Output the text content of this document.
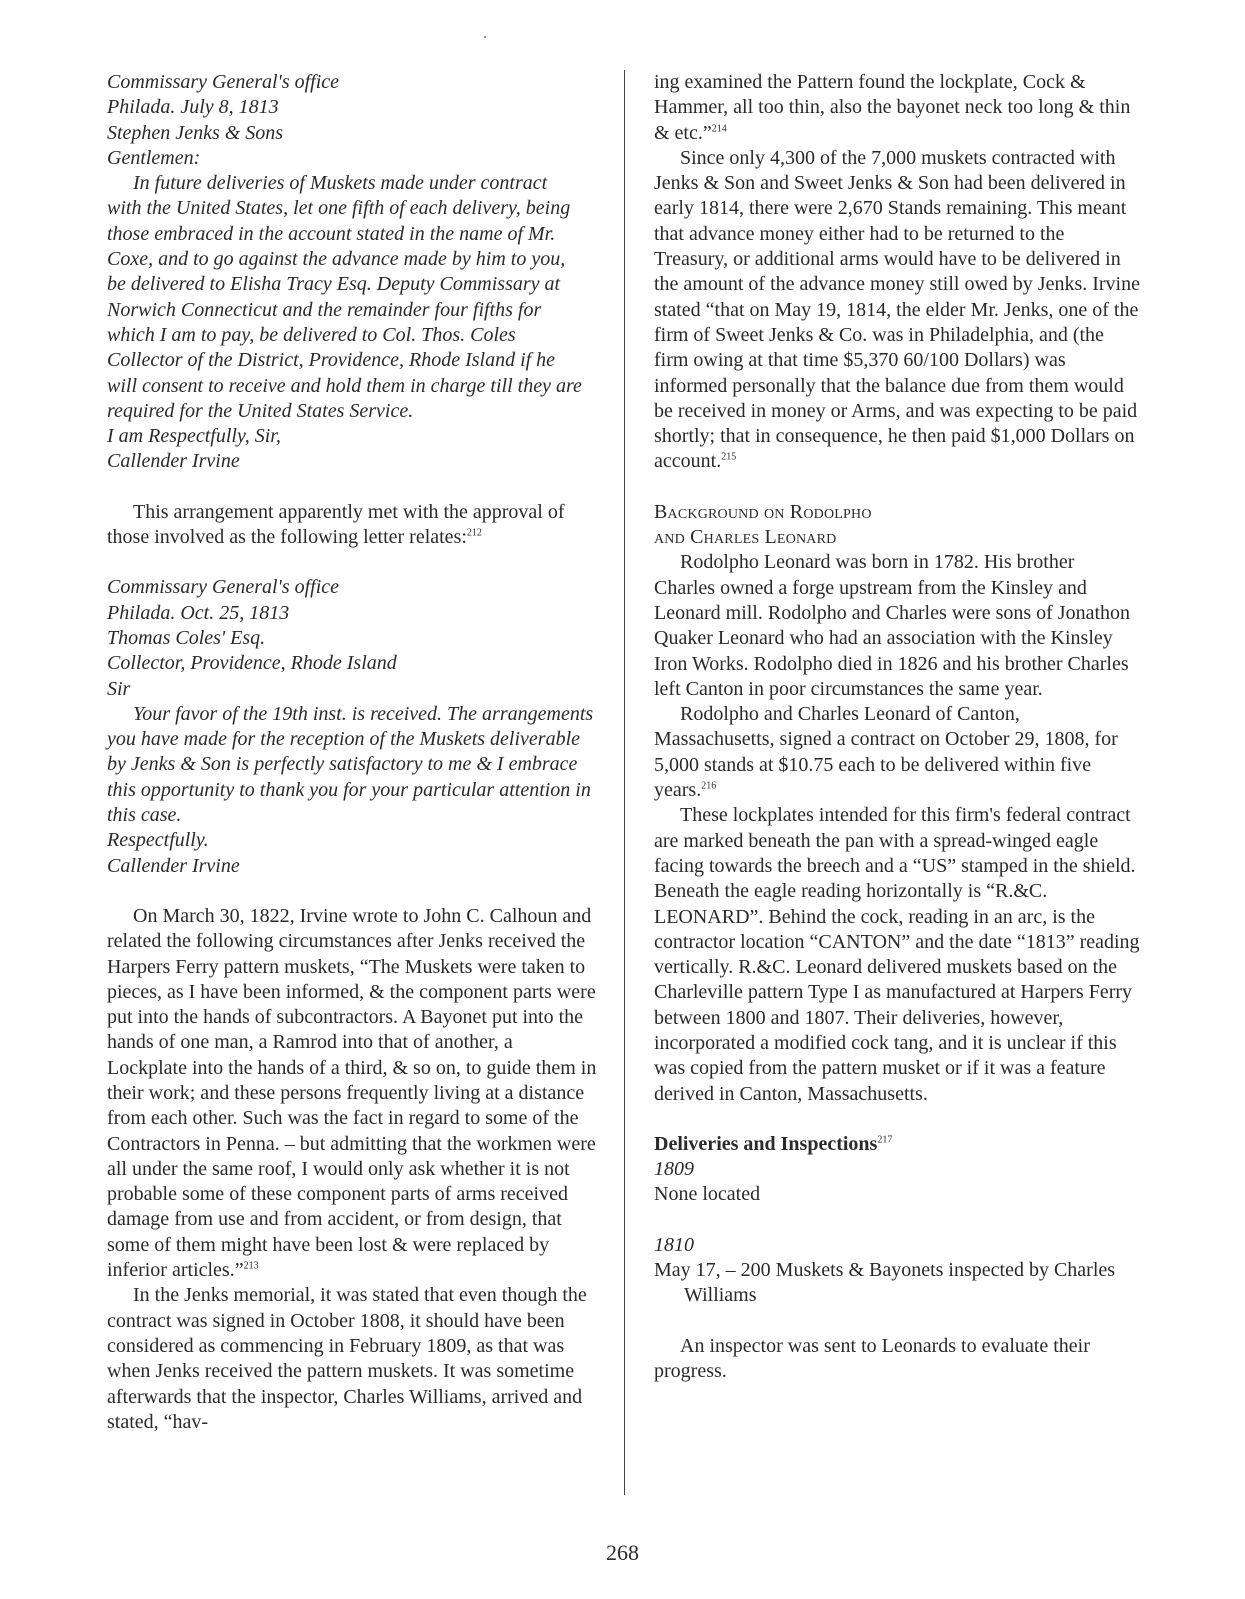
Commissary General's office

Philada. July 8, 1813

Stephen Jenks & Sons

Gentlemen:

In future deliveries of Muskets made under contract

with the United States, let one fifth of each delivery, being

those embraced in the account stated in the name of Mr.

Coxe, and to go against the advance made by him to you,

be delivered to Elisha Tracy Esq. Deputy Commissary at

Norwich Connecticut and the remainder four fifths for

which I am to pay, be delivered to Col. Thos. Coles

Collector of the District, Providence, Rhode Island if he

will consent to receive and hold them in charge till they are

required for the United States Service.

I am Respectfully, Sir,

Callender Irvine

This arrangement apparently met with the approval of those involved as the following letter relates:$^{212}$

Commissary General's office

Philada. Oct. 25, 1813

Thomas Coles' Esq.

Collector, Providence, Rhode Island

Sir

Your favor of the 19th inst. is received. The arrangements you have made for the reception of the Muskets deliverable by Jenks & Son is perfectly satisfactory to me & I embrace this opportunity to thank you for your particular attention in this case.

Respectfully.

Callender Irvine

On March 30, 1822, Irvine wrote to John C. Calhoun and related the following circumstances after Jenks received the Harpers Ferry pattern muskets, “The Muskets were taken to pieces, as I have been informed, & the component parts were put into the hands of subcontractors. A Bayonet put into the hands of one man, a Ramrod into that of another, a Lockplate into the hands of a third, & so on, to guide them in their work; and these persons frequently living at a distance from each other. Such was the fact in regard to some of the Contractors in Penna. – but admitting that the workmen were all under the same roof, I would only ask whether it is not probable some of these component parts of arms received damage from use and from accident, or from design, that some of them might have been lost & were replaced by inferior articles.”$^{213}$

In the Jenks memorial, it was stated that even though the contract was signed in October 1808, it should have been considered as commencing in February 1809, as that was when Jenks received the pattern muskets. It was sometime afterwards that the inspector, Charles Williams, arrived and stated, “hav-

ing examined the Pattern found the lockplate, Cock & Hammer, all too thin, also the bayonet neck too long & thin & etc.”$^{214}$

Since only 4,300 of the 7,000 muskets contracted with Jenks & Son and Sweet Jenks & Son had been delivered in early 1814, there were 2,670 Stands remaining. This meant that advance money either had to be returned to the Treasury, or additional arms would have to be delivered in the amount of the advance money still owed by Jenks. Irvine stated “that on May 19, 1814, the elder Mr. Jenks, one of the firm of Sweet Jenks & Co. was in Philadelphia, and (the firm owing at that time $5,370 60/100 Dollars) was informed personally that the balance due from them would be received in money or Arms, and was expecting to be paid shortly; that in consequence, he then paid $1,000 Dollars on account.$^{215}$

Background on Rodolpho

and Charles Leonard

Rodolpho Leonard was born in 1782. His brother Charles owned a forge upstream from the Kinsley and Leonard mill. Rodolpho and Charles were sons of Jonathon Quaker Leonard who had an association with the Kinsley Iron Works. Rodolpho died in 1826 and his brother Charles left Canton in poor circumstances the same year.

Rodolpho and Charles Leonard of Canton, Massachusetts, signed a contract on October 29, 1808, for 5,000 stands at $10.75 each to be delivered within five years.$^{216}$

These lockplates intended for this firm's federal contract are marked beneath the pan with a spread-winged eagle facing towards the breech and a “US” stamped in the shield. Beneath the eagle reading horizontally is “R.&C. LEONARD”. Behind the cock, reading in an arc, is the contractor location “CANTON” and the date “1813” reading vertically. R.&C. Leonard delivered muskets based on the Charleville pattern Type I as manufactured at Harpers Ferry between 1800 and 1807. Their deliveries, however, incorporated a modified cock tang, and it is unclear if this was copied from the pattern musket or if it was a feature derived in Canton, Massachusetts.

Deliveries and Inspections$^{217}$

1809

None located

1810

May 17, – 200 Muskets & Bayonets inspected by Charles Williams

An inspector was sent to Leonards to evaluate their progress.

268
